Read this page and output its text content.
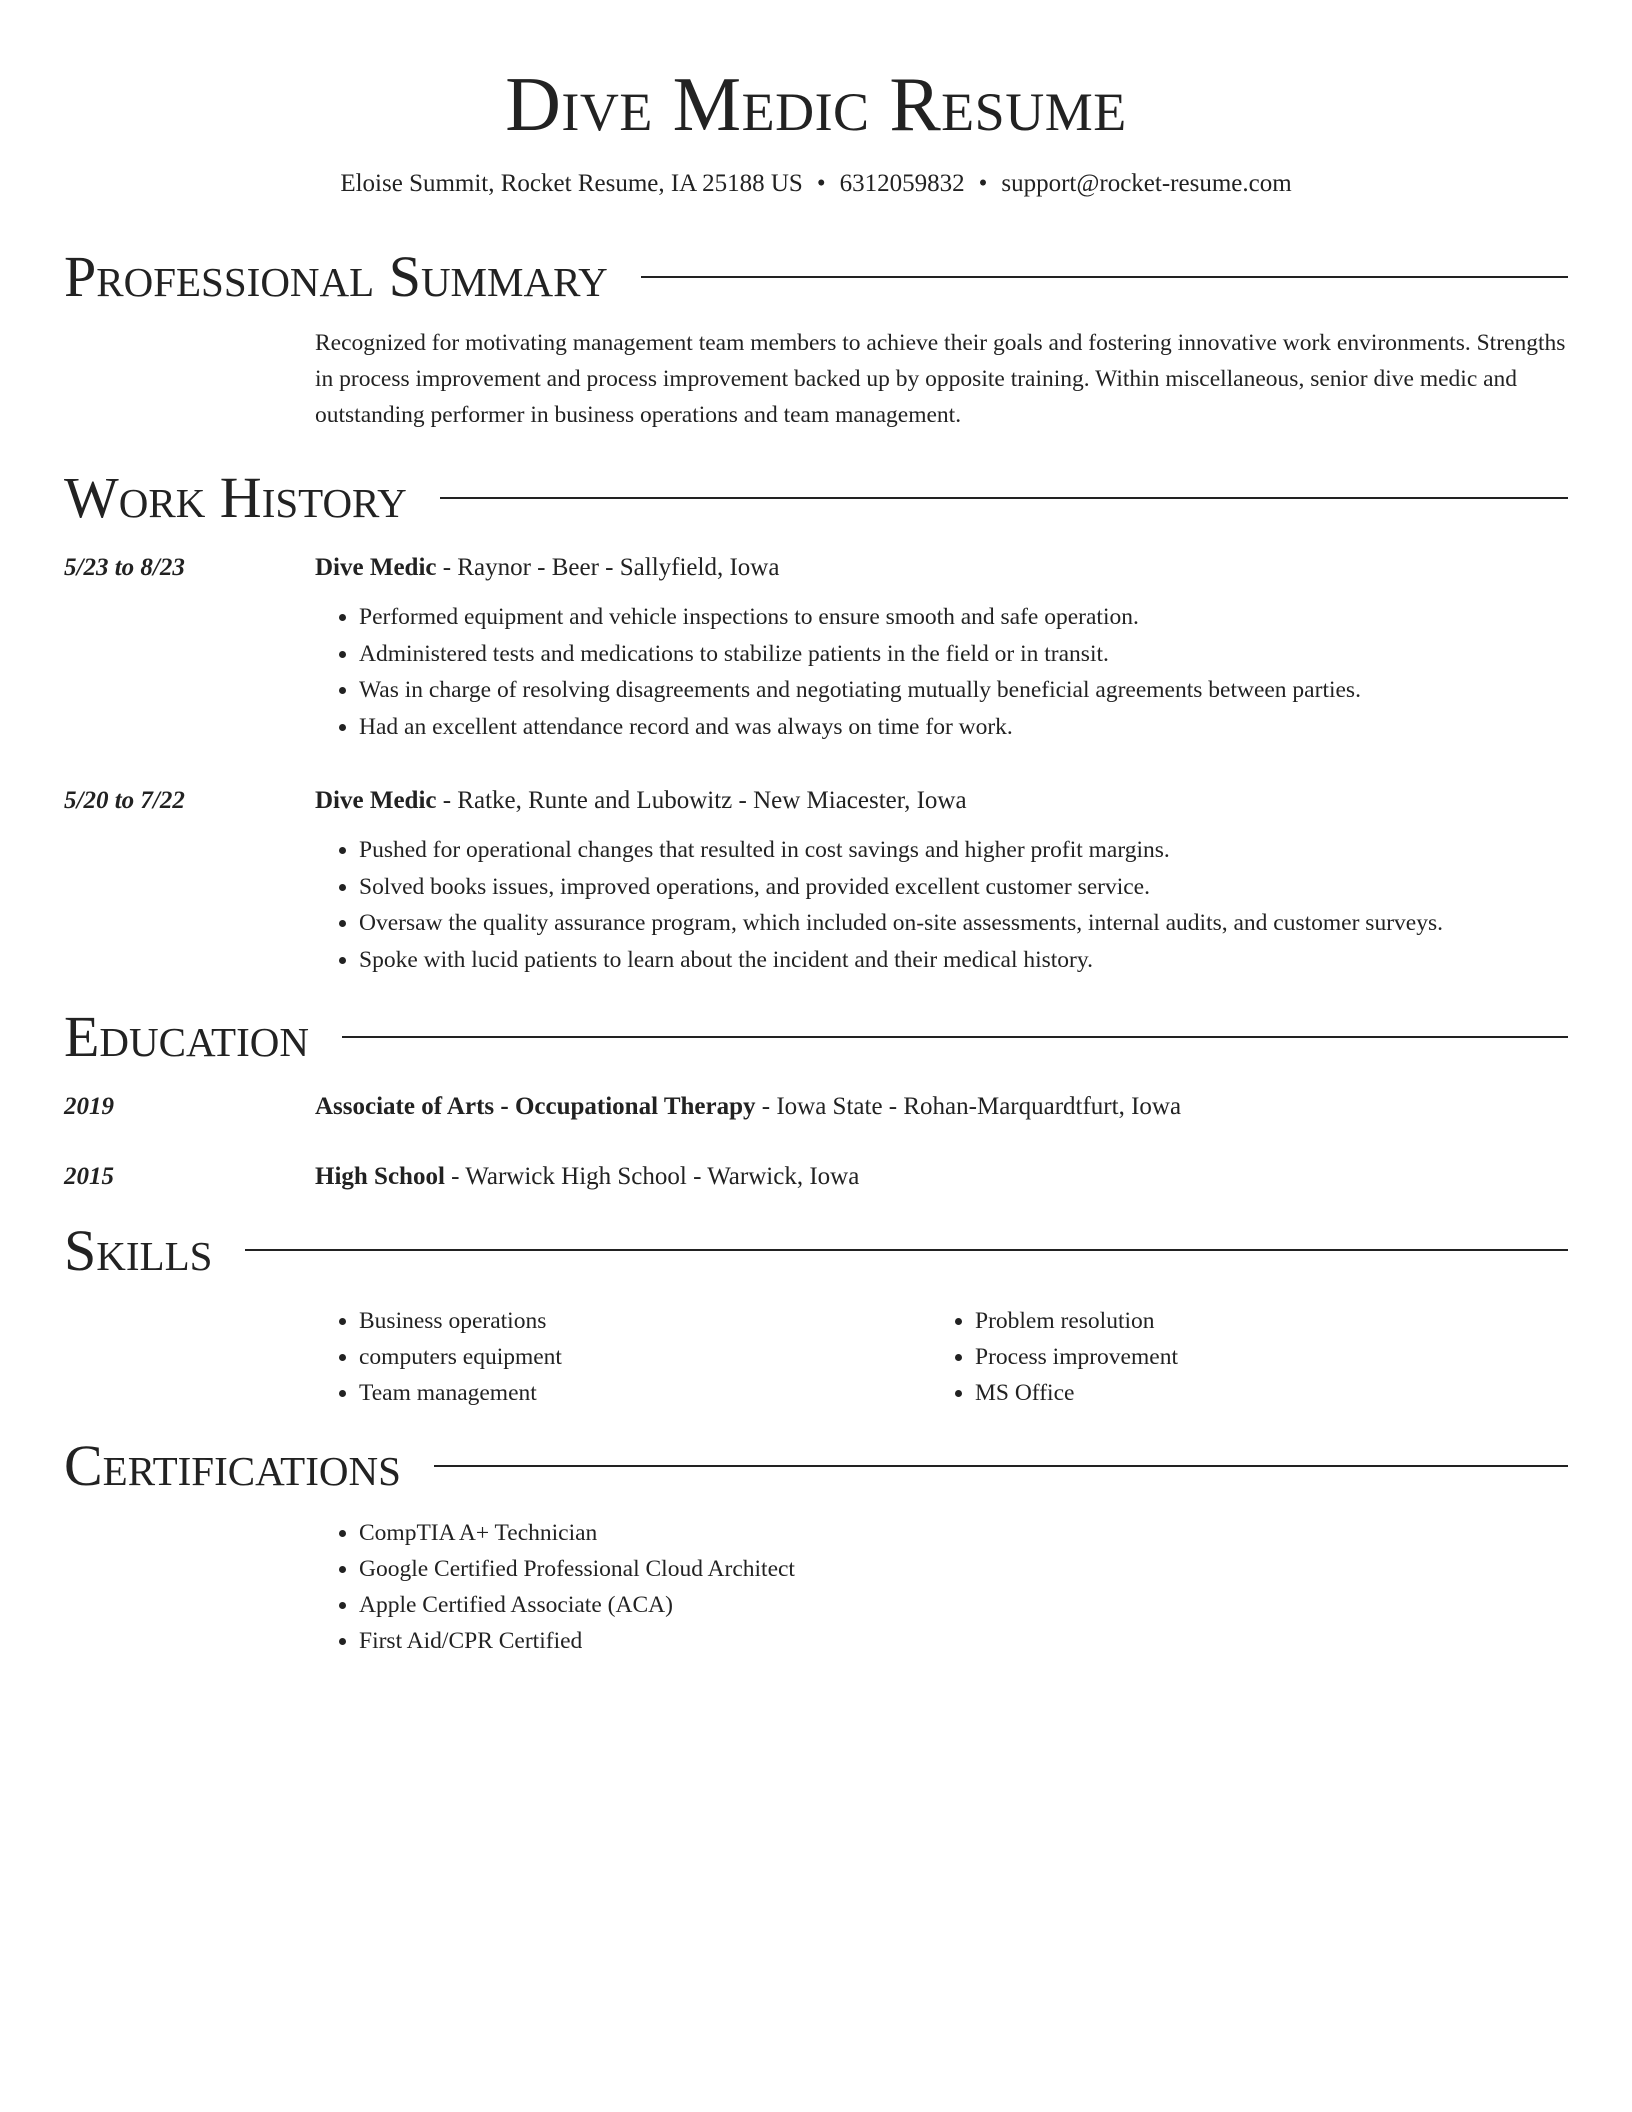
Dive Medic Resume
Eloise Summit, Rocket Resume, IA 25188 US • 6312059832 • support@rocket-resume.com
Professional Summary
Recognized for motivating management team members to achieve their goals and fostering innovative work environments. Strengths in process improvement and process improvement backed up by opposite training. Within miscellaneous, senior dive medic and outstanding performer in business operations and team management.
Work History
5/23 to 8/23	Dive Medic - Raynor - Beer - Sallyfield, Iowa
• Performed equipment and vehicle inspections to ensure smooth and safe operation.
• Administered tests and medications to stabilize patients in the field or in transit.
• Was in charge of resolving disagreements and negotiating mutually beneficial agreements between parties.
• Had an excellent attendance record and was always on time for work.
5/20 to 7/22	Dive Medic - Ratke, Runte and Lubowitz - New Miacester, Iowa
• Pushed for operational changes that resulted in cost savings and higher profit margins.
• Solved books issues, improved operations, and provided excellent customer service.
• Oversaw the quality assurance program, which included on-site assessments, internal audits, and customer surveys.
• Spoke with lucid patients to learn about the incident and their medical history.
Education
2019	Associate of Arts - Occupational Therapy - Iowa State - Rohan-Marquardtfurt, Iowa
2015	High School - Warwick High School - Warwick, Iowa
Skills
• Business operations
• computers equipment
• Team management
• Problem resolution
• Process improvement
• MS Office
Certifications
• CompTIA A+ Technician
• Google Certified Professional Cloud Architect
• Apple Certified Associate (ACA)
• First Aid/CPR Certified
